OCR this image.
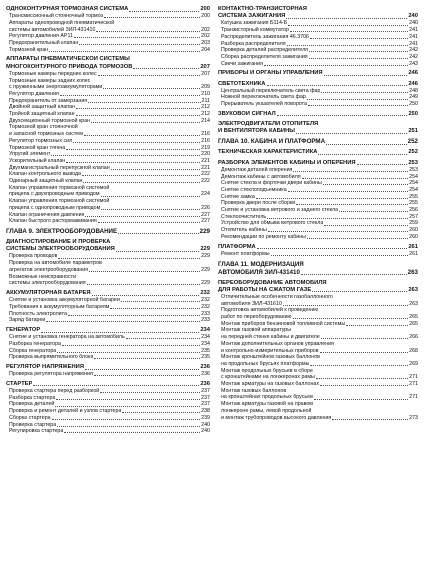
ОДНОКОНТУРНАЯ ТОРМОЗНАЯ СИСТЕМА	200
Трансмиссионный стояночный тормоз	200
Аппараты однопроводной пневматической
системы автомобилей ЗИЛ-431410	202
Регулятор давления АР11	202
Предохранительный клапан	203
Тормозной кран	204
АППАРАТЫ ПНЕВМАТИЧЕСКОЙ СИСТЕМЫ
МНОГОКОНТУРНОГО ПРИВОДА ТОРМОЗОВ	207
Тормозные камеры передних колес	207
Тормозные камеры задних колес
с пружинными энергоаккумуляторами	209
Регулятор давления	210
Предохранитель от замерзания	211
Двойной защитный клапан	212
Тройной защитный клапан	212
Двухсекционный тормозной кран	214
Тормозной кран стояночной
и запасной тормозных систем	216
Регулятор тормозных сил	216
Тормозной кран тягача	219
Упругий элемент	220
Ускорительный клапан	221
Двухмагистральный перепускной клапан	221
Клапан контрольного вывода	222
Одинарный защитный клапан	222
Клапан управления тормозной системой
прицепа с двухпроводным приводом	224
Клапан управления тормозной системой
прицепа с однопроводным приводом	226
Клапан ограничения давления	227
Клапан быстрого растормаживания	227
ГЛАВА 9. ЭЛЕКТРООБОРУДОВАНИЕ	229
ДИАГНОСТИРОВАНИЕ И ПРОВЕРКА
СИСТЕМЫ ЭЛЕКТРООБОРУДОВАНИЯ	229
Проверка проводов	229
Проверка на автомобиле параметров
агрегатов электрооборудования	229
Возможные неисправности
системы электрооборудования	229
АККУМУЛЯТОРНАЯ БАТАРЕЯ	232
Снятие и установка аккумуляторной батареи	232
Требования к аккумуляторным батареям	232
Плотность электролита	233
Заряд батареи	233
ГЕНЕРАТОР	234
Снятие и установка генератора на автомобиль	234
Разборка генератора	234
Сборка генератора	235
Проверка выпрямительного блока	235
РЕГУЛЯТОР НАПРЯЖЕНИЯ	236
Проверка регулятора напряжения	236
СТАРТЕР	236
Проверка стартера перед разборкой	237
Разборка стартера	237
Проверка деталей	237
Проверка и ремонт деталей и узлов стартера	238
Сборка стартера	239
Проверка стартера	240
Регулировка стартера	240
КОНТАКТНО-ТРАНЗИСТОРНАЯ
СИСТЕМА ЗАЖИГАНИЯ	240
Катушка зажигания Б114-Б	240
Транзисторный коммутатор	241
Распределитель зажигания 46.3706	241
Разборка распределителя	241
Проверка деталей распределителя	242
Сборка распределителя зажигания	242
Свечи зажигания	243
ПРИБОРЫ И ОРГАНЫ УПРАВЛЕНИЯ	246
СВЕТОТЕХНИКА	246
Центральный переключатель света фар	248
Ножной переключатель света фар	249
Прерыватель указателей поворота	250
ЗВУКОВОЙ СИГНАЛ	250
ЭЛЕКТРОДВИГАТЕЛИ ОТОПИТЕЛЯ
И ВЕНТИЛЯТОРА КАБИНЫ	251
ГЛАВА 10. КАБИНА И ПЛАТФОРМА	252
ТЕХНИЧЕСКАЯ ХАРАКТЕРИСТИКА	252
РАЗБОРКА ЭЛЕМЕНТОВ КАБИНЫ И ОПЕРЕНИЯ	253
Демонтаж деталей оперения	253
Демонтаж кабины с автомобиля	254
Снятие стекла и форточки двери кабины	254
Снятие стеклоподъемника	254
Снятие замка	255
Проверка двери после сборки	255
Снятие и установка ветрового и заднего стекла	256
Стеклоочиститель	257
Устройство для обмыва ветрового стекла	259
Отопитель кабины	260
Рекомендации по ремонту кабины	260
ПЛАТФОРМА	261
Ремонт платформы	261
ГЛАВА 11. МОДЕРНИЗАЦИЯ
АВТОМОБИЛЯ ЗИЛ-431410	263
ПЕРЕОБОРУДОВАНИЕ АВТОМОБИЛЯ
ДЛЯ РАБОТЫ НА СЖАТОМ ГАЗЕ	263
Отличительные особенности газобаллонного
автомобиля ЗИЛ-431610	263
Подготовка автомобилей к проведению
работ по переоборудованию	265
Монтаж приборов бензиновой топливной системы	265
Монтаж газовой аппаратуры
на передней стенке кабины и двигателе	266
Монтаж дополнительных органов управления
и контрольно-измерительных приборов	268
Монтаж кронштейнов газовых баллонов
на продольных брусьях платформы	269
Монтаж продольных брусьев в сборе
с кронштейнами на лонжеронах рамы	271
Монтаж арматуры на газовых баллонах	271
Монтаж газовых баллонов
на кронштейнах продольных брусьев	271
Монтаж арматуры газовой на правом
лонжероне рамы, левой продольной
и монтаж трубопроводов высокого давления	273
